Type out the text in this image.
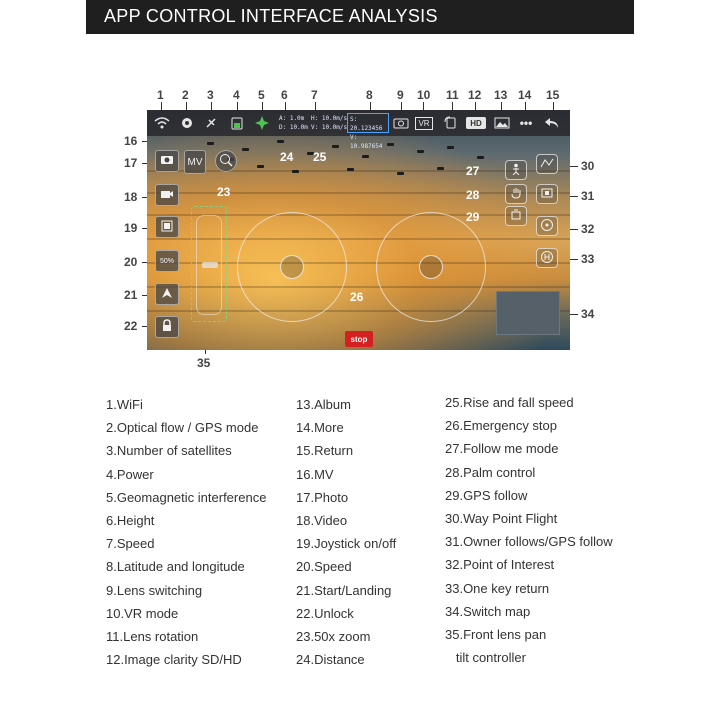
APP CONTROL INTERFACE ANALYSIS
1 2 3 4 5 6 7	8 9 10 11 12 13 14 15
16
17
18
19
20
21
22
30
31
32
33
34
35
A: 1.0m
D: 10.0m
H: 10.0m/s
V: 10.0m/s
S: 20.123456
V: 10.987654
VR	HD	•••
MV
50%
stop
24 25
23
26
27
28
29
1.WiFi
2.Optical flow / GPS mode
3.Number of satellites
4.Power
5.Geomagnetic interference
6.Height
7.Speed
8.Latitude and longitude
9.Lens switching
10.VR mode
11.Lens rotation
12.Image clarity SD/HD
13.Album
14.More
15.Return
16.MV
17.Photo
18.Video
19.Joystick on/off
20.Speed
21.Start/Landing
22.Unlock
23.50x zoom
24.Distance
25.Rise and fall speed
26.Emergency stop
27.Follow me mode
28.Palm control
29.GPS follow
30.Way Point Flight
31.Owner follows/GPS follow
32.Point of Interest
33.One key return
34.Switch map
35.Front lens pan
tilt controller
